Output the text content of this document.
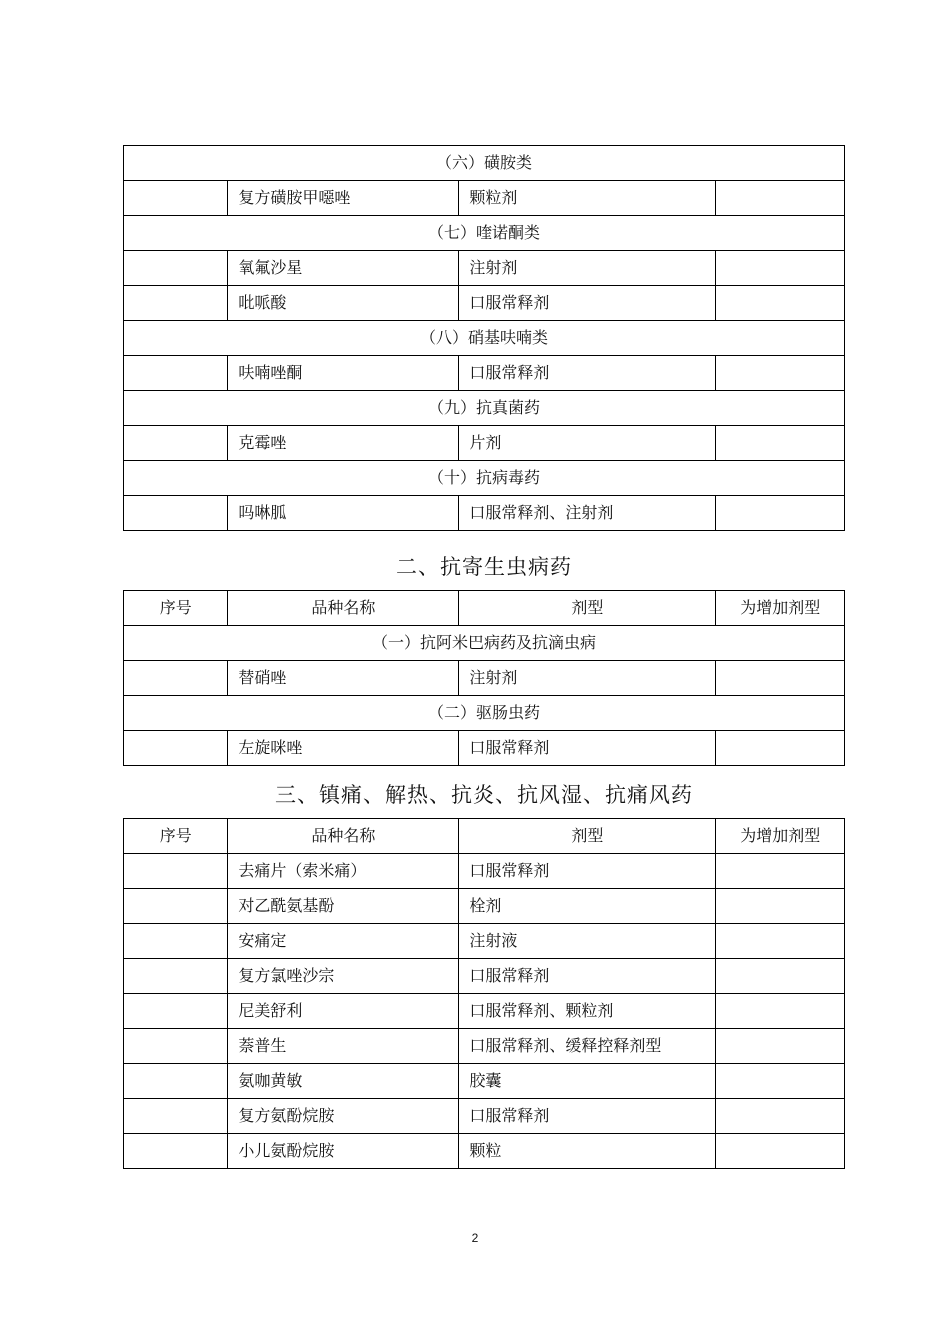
（六）磺胺类			
	复方磺胺甲噁唑	颗粒剂	
（七）喹诺酮类			
	氧氟沙星	注射剂	
	吡哌酸	口服常释剂	
（八）硝基呋喃类			
	呋喃唑酮	口服常释剂	
（九）抗真菌药			
	克霉唑	片剂	
（十）抗病毒药			
	吗啉胍	口服常释剂、注射剂	
二、抗寄生虫病药
序号	品种名称	剂型	为增加剂型
（一）抗阿米巴病药及抗滴虫病			
	替硝唑	注射剂	
（二）驱肠虫药			
	左旋咪唑	口服常释剂	
三、镇痛、解热、抗炎、抗风湿、抗痛风药
序号	品种名称	剂型	为增加剂型
	去痛片（索米痛）	口服常释剂	
	对乙酰氨基酚	栓剂	
	安痛定	注射液	
	复方氯唑沙宗	口服常释剂	
	尼美舒利	口服常释剂、颗粒剂	
	萘普生	口服常释剂、缓释控释剂型	
	氨咖黄敏	胶囊	
	复方氨酚烷胺	口服常释剂	
	小儿氨酚烷胺	颗粒	
2
